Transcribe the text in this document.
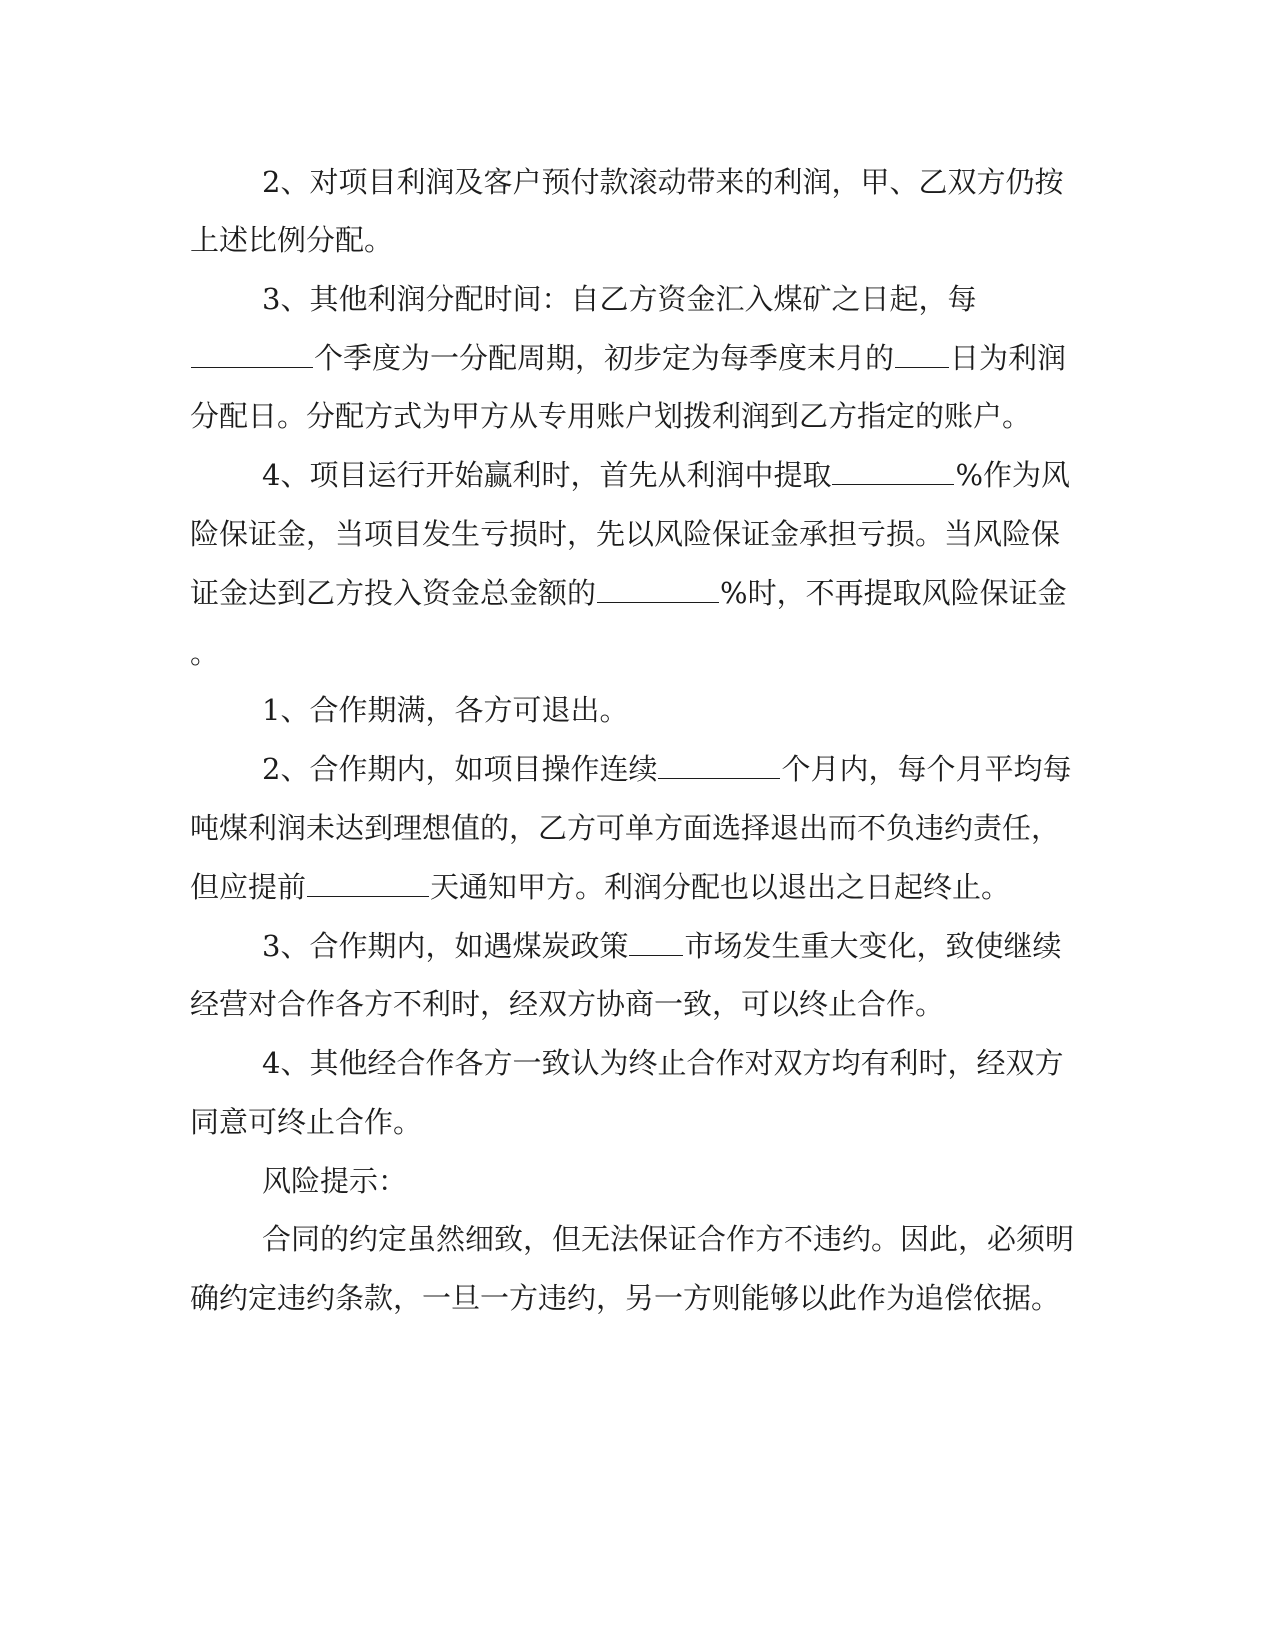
2、对项目利润及客户预付款滚动带来的利润，甲、乙双方仍按
上述比例分配。
3、其他利润分配时间：自乙方资金汇入煤矿之日起，每
个季度为一分配周期，初步定为每季度末月的 日为利润
分配日。分配方式为甲方从专用账户划拨利润到乙方指定的账户。
4、项目运行开始赢利时，首先从利润中提取	%作为风
险保证金，当项目发生亏损时，先以风险保证金承担亏损。当风险保
证金达到乙方投入资金总金额的	%时，不再提取风险保证金
。
1、合作期满，各方可退出。
2、合作期内，如项目操作连续	个月内，每个月平均每
吨煤利润未达到理想值的，乙方可单方面选择退出而不负违约责任，
但应提前	天通知甲方。利润分配也以退出之日起终止。
3、合作期内，如遇煤炭政策 市场发生重大变化，致使继续
经营对合作各方不利时，经双方协商一致，可以终止合作。
4、其他经合作各方一致认为终止合作对双方均有利时，经双方
同意可终止合作。
风险提示：
合同的约定虽然细致，但无法保证合作方不违约。因此，必须明
确约定违约条款，一旦一方违约，另一方则能够以此作为追偿依据。
